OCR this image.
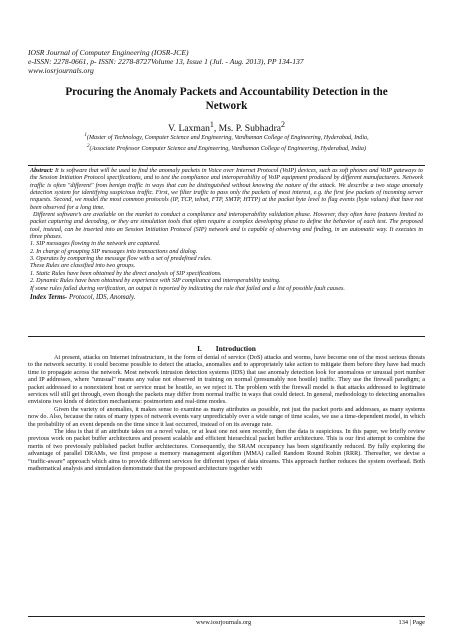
IOSR Journal of Computer Engineering (IOSR-JCE)
e-ISSN: 2278-0661, p- ISSN: 2278-8727Volume 13, Issue 1 (Jul. - Aug. 2013), PP 134-137
www.iosrjournals.org
Procuring the Anomaly Packets and Accountability Detection in the
Network
V. Laxman$^1$, Ms. P. Subhadra$^2$
$^1$(Master of Technology, Computer Science and Engineering, Vardhaman College of Engineering, Hyderabad, India,
$^2$(Associate Professor Computer Science and Engineering, Vardhaman College of Engineering, Hyderabad, India)

Abstract: It is software that will be used to find the anomaly packets in Voice over Internet Protocol (VoIP) devices, such as soft phones and VoIP gateways to the Session Initiation Protocol specifications, and to test the compliance and interoperability of VoIP equipment produced by different manufacturers. Network traffic is often "different" from benign traffic in ways that can be distinguished without knowing the nature of the attack. We describe a two stage anomaly detection system for identifying suspicious traffic. First, we filter traffic to pass only the packets of most interest, e.g. the first few packets of incoming server requests. Second, we model the most common protocols (IP, TCP, telnet, FTP, SMTP, HTTP) at the packet byte level to flag events (byte values) that have not been observed for a long time.

Different software’s are available on the market to conduct a compliance and interoperability validation phase. However, they often have features limited to packet capturing and decoding, or they are simulation tools that often require a complex developing phase to define the behavior of each test. The proposed tool, instead, can be inserted into an Session Initiation Protocol (SIP) network and is capable of observing and finding, in an automatic way. It executes in three phases.

1. SIP messages flowing in the network are captured.

2. In charge of grouping SIP messages into transactions and dialog.

3. Operates by comparing the message flow with a set of predefined rules.

These Rules are classified into two groups.

1. Static Rules have been obtained by the direct analysis of SIP specifications.

2. Dynamic Rules have been obtained by experience with SIP compliance and interoperability testing.

If some rules failed during verification, an output is reported by indicating the rule that failed and a list of possible fault causes.

Index Terms- Protocol, IDS, Anomaly.

I. Introduction

At present, attacks on Internet infrastructure, in the form of denial of service (DoS) attacks and worms, have become one of the most serious threats to the network security. it could become possible to detect the attacks, anomalies and to appropriately take action to mitigate them before they have had much time to propagate across the network. Most network intrusion detection systems (IDS) that use anomaly detection look for anomalous or unusual port number and IP addresses, where "unusual" means any value not observed in training on normal (presumably non hostile) traffic. They use the firewall paradigm; a packet addressed to a nonexistent host or service must be hostile, so we reject it. The problem with the firewall model is that attacks addressed to legitimate services will still get through, even though the packets may differ from normal traffic in ways that could detect. In general, methodology to detecting anomalies envisions two kinds of detection mechanisms: postmortem and real-time modes.

Given the variety of anomalies, it makes sense to examine as many attributes as possible, not just the packet ports and addresses, as many systems now do. Also, because the rates of many types of network events vary unpredictably over a wide range of time scales, we use a time-dependent model, in which the probability of an event depends on the time since it last occurred, instead of on its average rate.

The idea is that if an attribute takes on a novel value, or at least one not seen recently, then the data is suspicious. In this paper, we briefly review previous work on packet buffer architectures and present scalable and efficient hierarchical packet buffer architecture. This is our first attempt to combine the merits of two previously published packet buffer architectures. Consequently, the SRAM occupancy has been significantly reduced. By fully exploring the advantage of parallel DRAMs, we first propose a memory management algorithm (MMA) called Random Round Robin (RRR). Thereafter, we devise a “traffic-aware” approach which aims to provide different services for different types of data streams. This approach further reduces the system overhead. Both mathematical analysis and simulation demonstrate that the proposed architecture together with

www.iosrjournals.org	134 | Page
